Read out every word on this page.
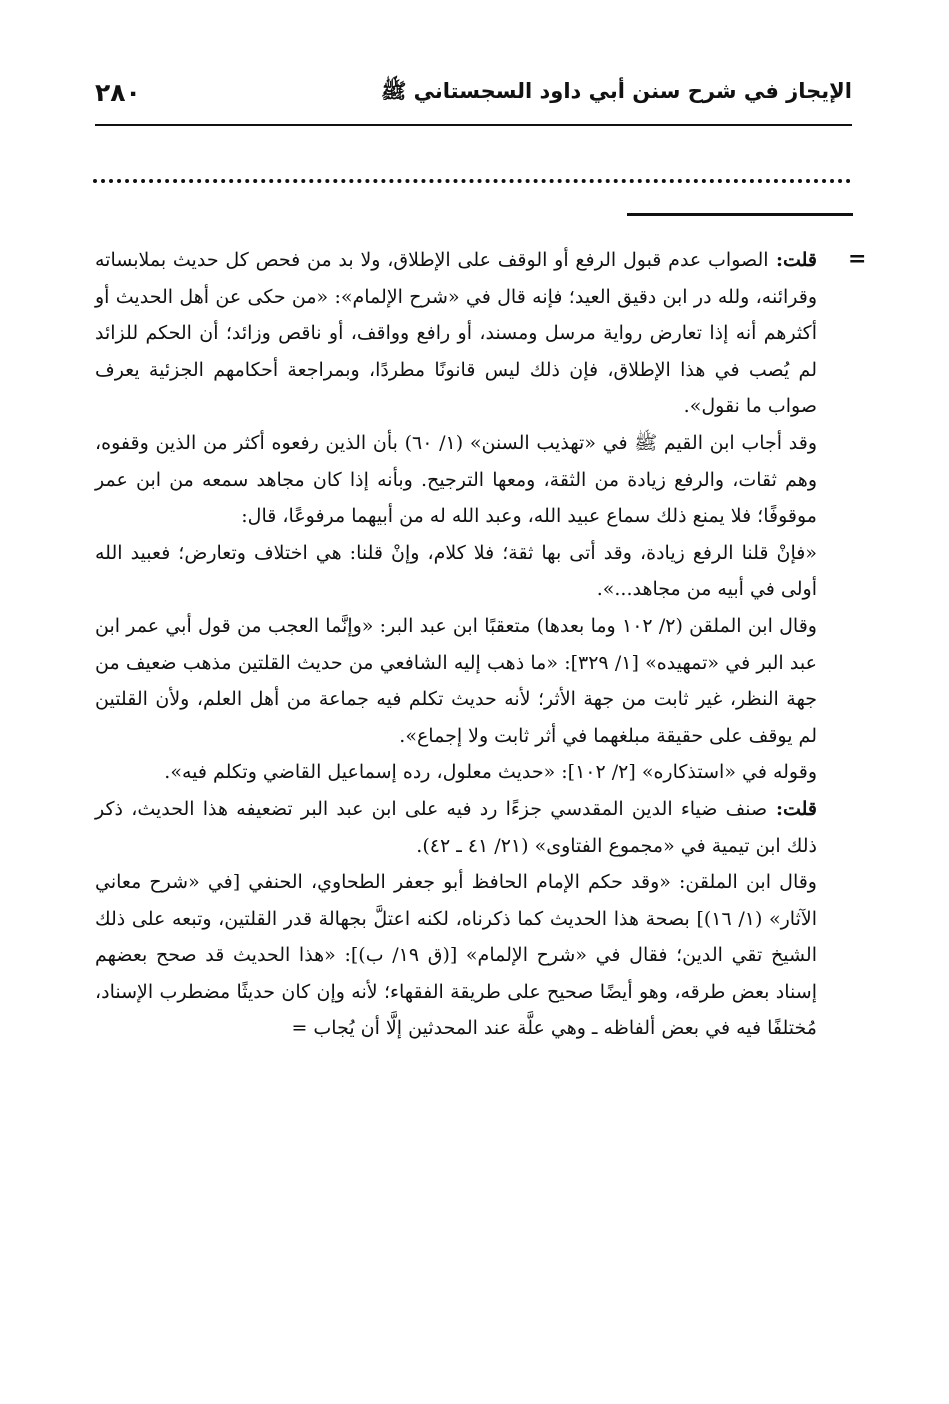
٢٨٠	الإيجاز في شرح سنن أبي داود السجستاني ﷺ
=

قلت: الصواب عدم قبول الرفع أو الوقف على الإطلاق، ولا بد من فحص كل حديث بملابساته وقرائنه، ولله در ابن دقيق العيد؛ فإنه قال في «شرح الإلمام»: «من حكى عن أهل الحديث أو أكثرهم أنه إذا تعارض رواية مرسل ومسند، أو رافع وواقف، أو ناقص وزائد؛ أن الحكم للزائد لم يُصب في هذا الإطلاق، فإن ذلك ليس قانونًا مطردًا، وبمراجعة أحكامهم الجزئية يعرف صواب ما نقول».

وقد أجاب ابن القيم ﷺ في «تهذيب السنن» (١/ ٦٠) بأن الذين رفعوه أكثر من الذين وقفوه، وهم ثقات، والرفع زيادة من الثقة، ومعها الترجيح. وبأنه إذا كان مجاهد سمعه من ابن عمر موقوفًا؛ فلا يمنع ذلك سماع عبيد الله، وعبد الله له من أبيهما مرفوعًا، قال:

«فإنْ قلنا الرفع زيادة، وقد أتى بها ثقة؛ فلا كلام، وإنْ قلنا: هي اختلاف وتعارض؛ فعبيد الله أولى في أبيه من مجاهد...».

وقال ابن الملقن (٢/ ١٠٢ وما بعدها) متعقبًا ابن عبد البر: «وإنَّما العجب من قول أبي عمر ابن عبد البر في «تمهيده» [١/ ٣٢٩]: «ما ذهب إليه الشافعي من حديث القلتين مذهب ضعيف من جهة النظر، غير ثابت من جهة الأثر؛ لأنه حديث تكلم فيه جماعة من أهل العلم، ولأن القلتين لم يوقف على حقيقة مبلغهما في أثر ثابت ولا إجماع».

وقوله في «استذكاره» [٢/ ١٠٢]: «حديث معلول، رده إسماعيل القاضي وتكلم فيه».

قلت: صنف ضياء الدين المقدسي جزءًا رد فيه على ابن عبد البر تضعيفه هذا الحديث، ذكر ذلك ابن تيمية في «مجموع الفتاوى» (٢١/ ٤١ ـ ٤٢).

وقال ابن الملقن: «وقد حكم الإمام الحافظ أبو جعفر الطحاوي، الحنفي [في «شرح معاني الآثار» (١/ ١٦)] بصحة هذا الحديث كما ذكرناه، لكنه اعتلَّ بجهالة قدر القلتين، وتبعه على ذلك الشيخ تقي الدين؛ فقال في «شرح الإلمام» [(ق ١٩/ ب)]: «هذا الحديث قد صحح بعضهم إسناد بعض طرقه، وهو أيضًا صحيح على طريقة الفقهاء؛ لأنه وإن كان حديثًا مضطرب الإسناد، مُختلفًا فيه في بعض ألفاظه ـ وهي علَّة عند المحدثين إلَّا أن يُجاب =
